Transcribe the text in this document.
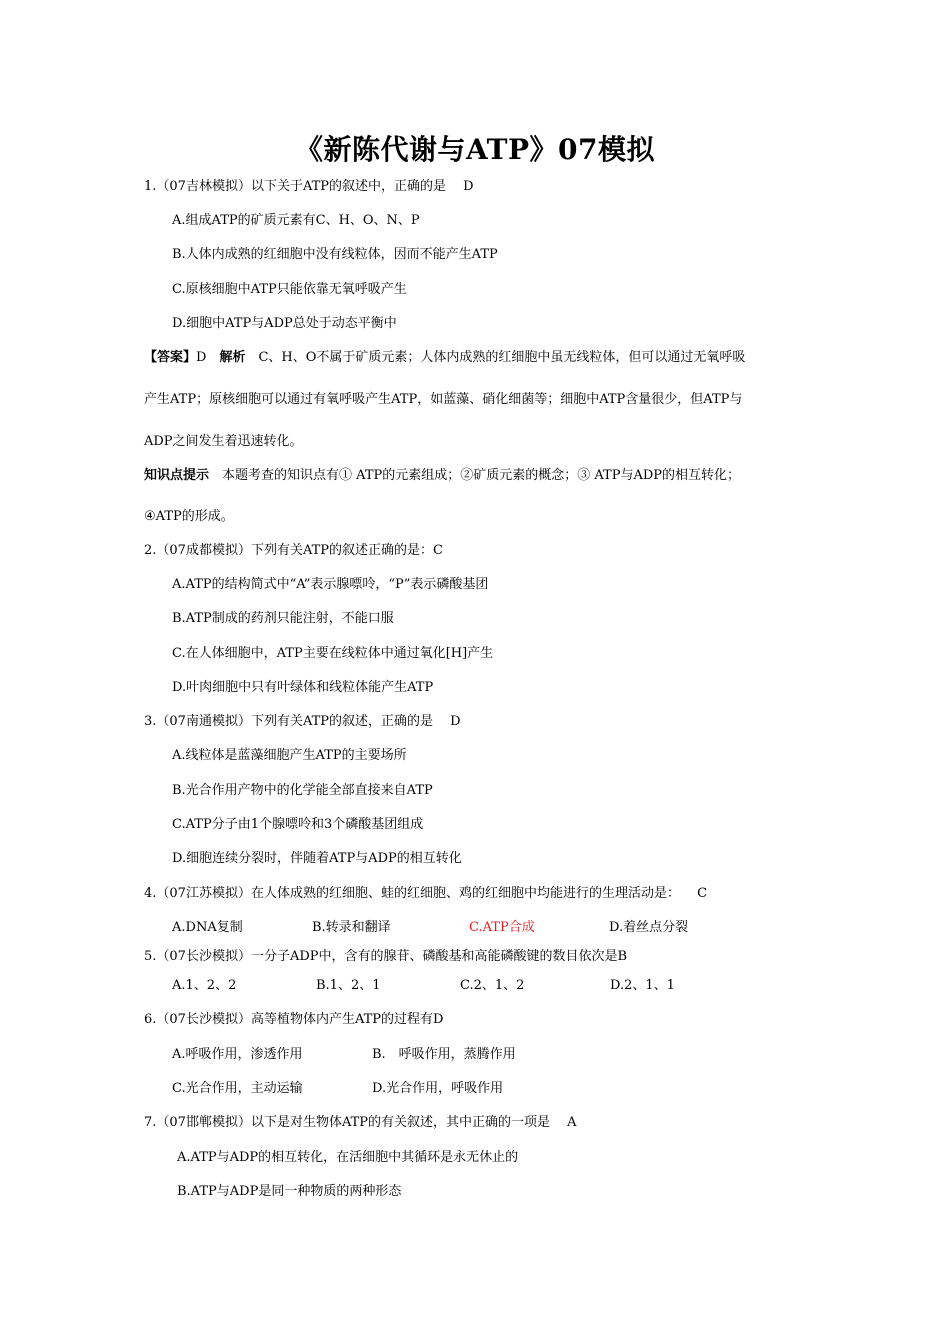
《新陈代谢与ATP》07模拟
1.（07吉林模拟）以下关于ATP的叙述中，正确的是 　D
A.组成ATP的矿质元素有C、H、O、N、P
B.人体内成熟的红细胞中没有线粒体，因而不能产生ATP
C.原核细胞中ATP只能依靠无氧呼吸产生
D.细胞中ATP与ADP总处于动态平衡中
【答案】D　解析　C、H、O不属于矿质元素；人体内成熟的红细胞中虽无线粒体，但可以通过无氧呼吸
产生ATP；原核细胞可以通过有氧呼吸产生ATP，如蓝藻、硝化细菌等；细胞中ATP含量很少，但ATP与
ADP之间发生着迅速转化。
知识点提示　本题考查的知识点有① ATP的元素组成；②矿质元素的概念；③ ATP与ADP的相互转化；
④ATP的形成。
2.（07成都模拟）下列有关ATP的叙述正确的是：C
A.ATP的结构简式中“A”表示腺嘌呤，“P”表示磷酸基团
B.ATP制成的药剂只能注射，不能口服
C.在人体细胞中，ATP主要在线粒体中通过氧化[H]产生
D.叶肉细胞中只有叶绿体和线粒体能产生ATP
3.（07南通模拟）下列有关ATP的叙述，正确的是 　D
A.线粒体是蓝藻细胞产生ATP的主要场所
B.光合作用产物中的化学能全部直接来自ATP
C.ATP分子由1个腺嘌呤和3个磷酸基团组成
D.细胞连续分裂时，伴随着ATP与ADP的相互转化
4.（07江苏模拟）在人体成熟的红细胞、蛙的红细胞、鸡的红细胞中均能进行的生理活动是： 　C
A.DNA复制	B.转录和翻译	C.ATP合成	D.着丝点分裂
5.（07长沙模拟）一分子ADP中，含有的腺苷、磷酸基和高能磷酸键的数目依次是B
A.1、2、2	B.1、2、1	C.2、1、2	D.2、1、1
6.（07长沙模拟）高等植物体内产生ATP的过程有D
A.呼吸作用，渗透作用	B.　呼吸作用，蒸腾作用
C.光合作用，主动运输	D.光合作用，呼吸作用
7.（07邯郸模拟）以下是对生物体ATP的有关叙述，其中正确的一项是 　A
A.ATP与ADP的相互转化，在活细胞中其循环是永无休止的
B.ATP与ADP是同一种物质的两种形态
